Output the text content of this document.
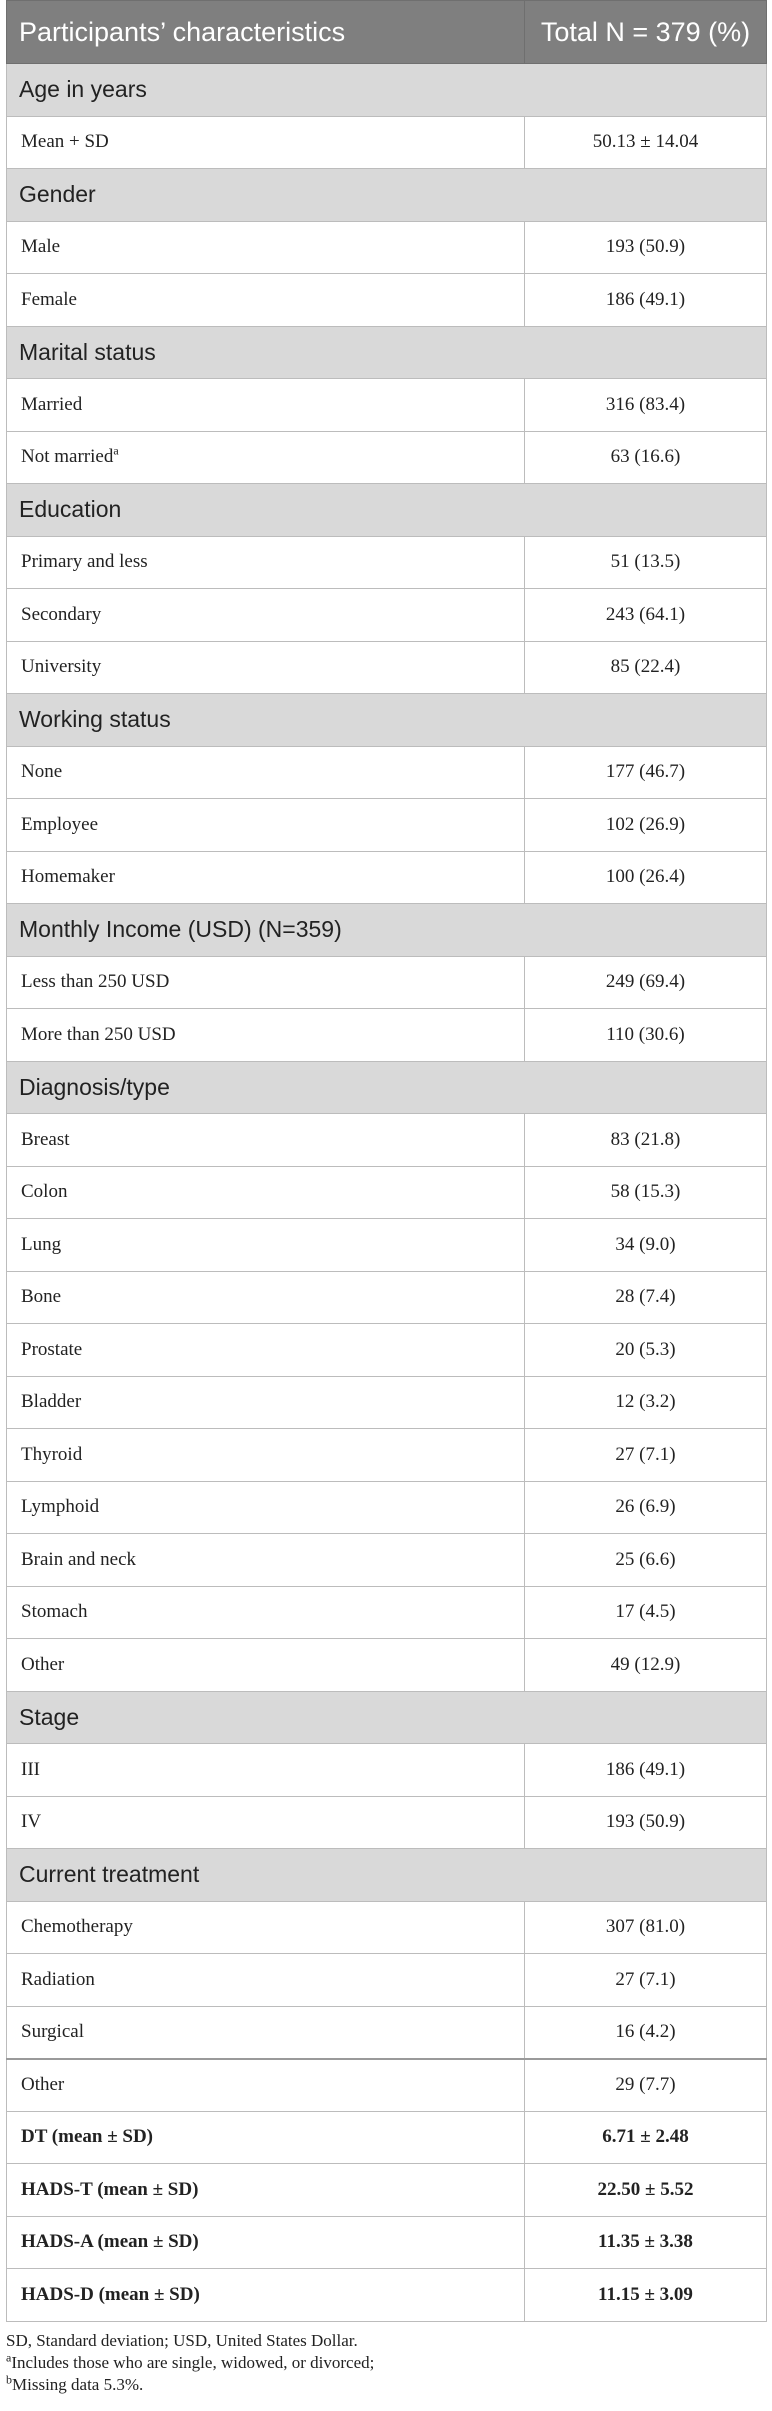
Participants’ characteristics	Total N = 379 (%)
Age in years	
Mean + SD	50.13 ± 14.04
Gender	
Male	193 (50.9)
Female	186 (49.1)
Marital status	
Married	316 (83.4)
Not married$^a$	63 (16.6)
Education	
Primary and less	51 (13.5)
Secondary	243 (64.1)
University	85 (22.4)
Working status	
None	177 (46.7)
Employee	102 (26.9)
Homemaker	100 (26.4)
Monthly Income (USD) (N=359)	
Less than 250 USD	249 (69.4)
More than 250 USD	110 (30.6)
Diagnosis/type	
Breast	83 (21.8)
Colon	58 (15.3)
Lung	34 (9.0)
Bone	28 (7.4)
Prostate	20 (5.3)
Bladder	12 (3.2)
Thyroid	27 (7.1)
Lymphoid	26 (6.9)
Brain and neck	25 (6.6)
Stomach	17 (4.5)
Other	49 (12.9)
Stage	
III	186 (49.1)
IV	193 (50.9)
Current treatment	
Chemotherapy	307 (81.0)
Radiation	27 (7.1)
Surgical	16 (4.2)
Other	29 (7.7)
DT (mean ± SD)	6.71 ± 2.48
HADS-T (mean ± SD)	22.50 ± 5.52
HADS-A (mean ± SD)	11.35 ± 3.38
HADS-D (mean ± SD)	11.15 ± 3.09

SD, Standard deviation; USD, United States Dollar.

$^a$Includes those who are single, widowed, or divorced;

$^b$Missing data 5.3%.
